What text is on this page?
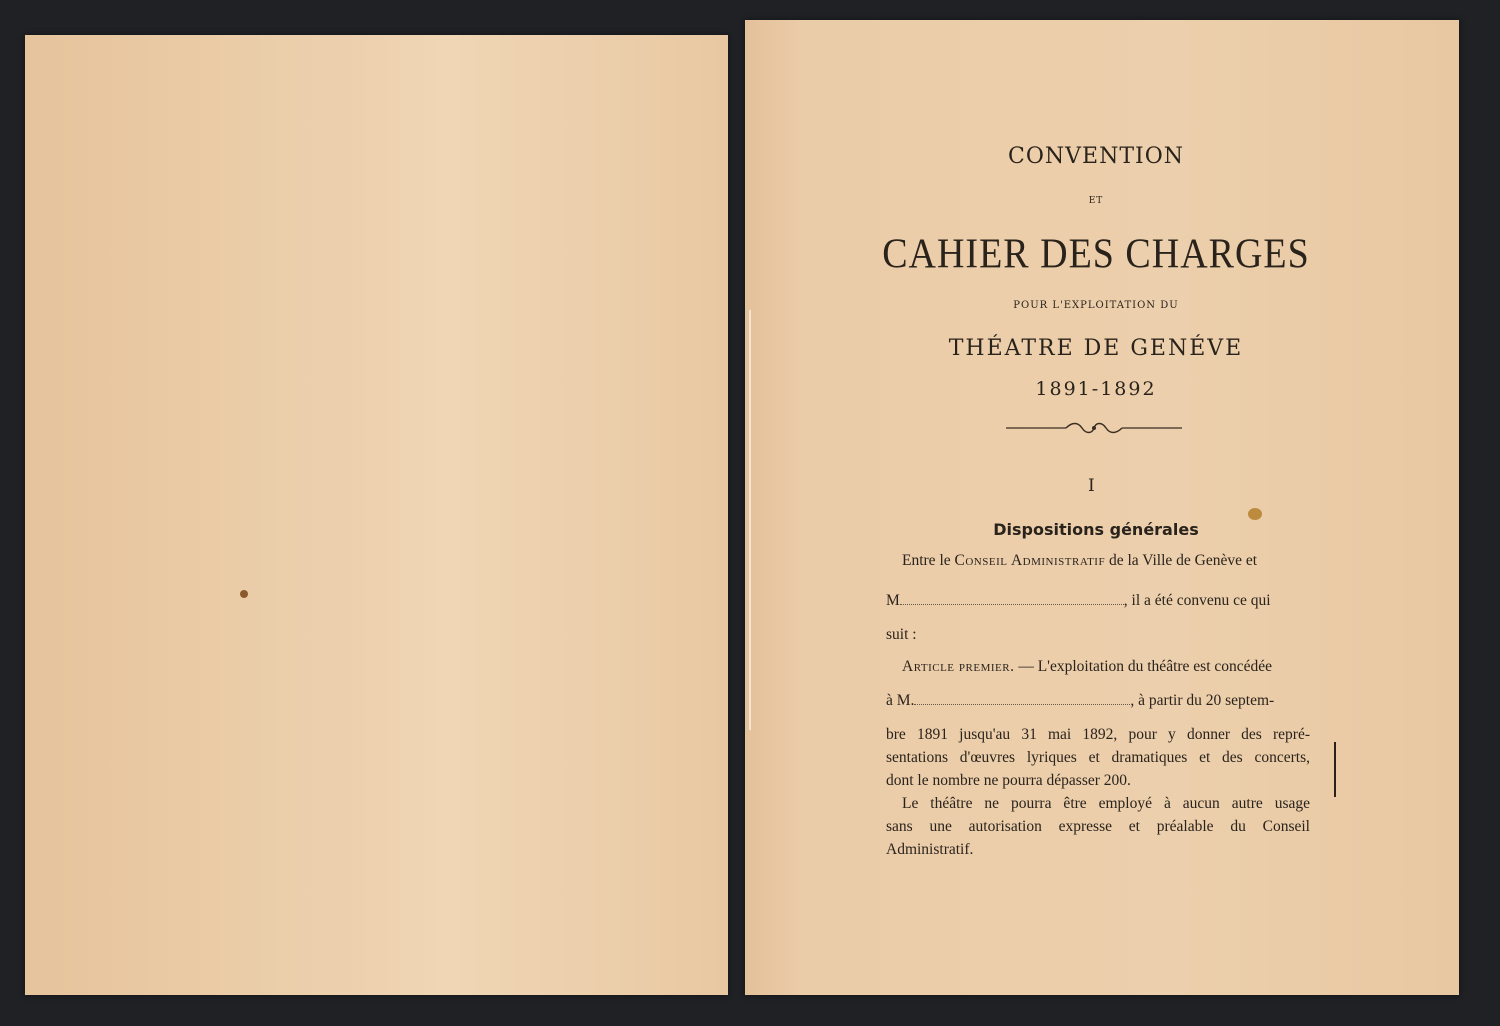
CONVENTION
ET
CAHIER DES CHARGES
POUR L'EXPLOITATION DU
THÉATRE DE GENÉVE
1891-1892
I
Dispositions générales
Entre le Conseil Administratif de la Ville de Genève et
M	, il a été convenu ce qui
suit :
Article premier. — L'exploitation du théâtre est concédée
à M.	, à partir du 20 septem-
bre 1891 jusqu'au 31 mai 1892, pour y donner des repré-
sentations d'œuvres lyriques et dramatiques et des concerts,
dont le nombre ne pourra dépasser 200.
Le théâtre ne pourra être employé à aucun autre usage
sans une autorisation expresse et préalable du Conseil
Administratif.
